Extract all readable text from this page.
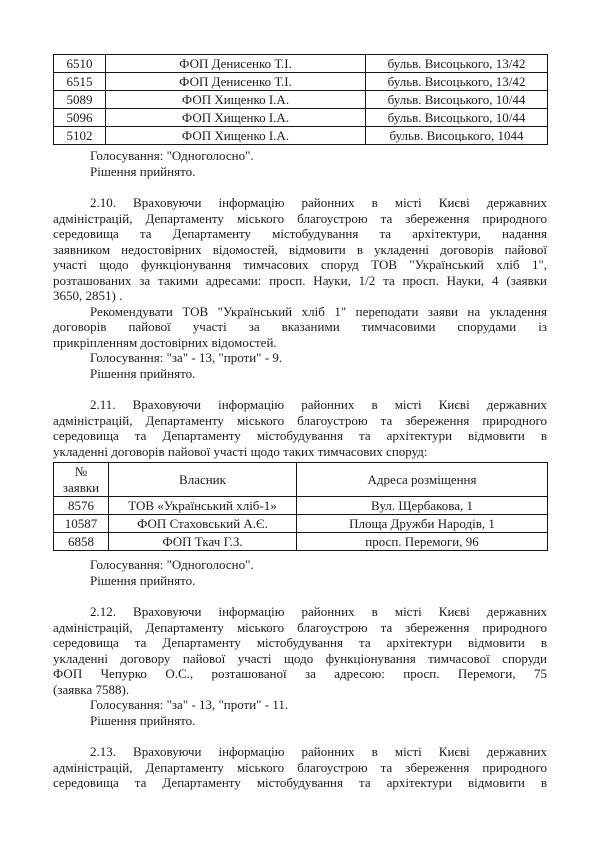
6510	ФОП Денисенко Т.І.	бульв. Висоцького, 13/42
6515	ФОП Денисенко Т.І.	бульв. Висоцького, 13/42
5089	ФОП Хищенко І.А.	бульв. Висоцького, 10/44
5096	ФОП Хищенко І.А.	бульв. Висоцького, 10/44
5102	ФОП Хищенко І.А.	бульв. Висоцького, 1044
Голосування: "Одноголосно".
Рішення прийнято.
2.10. Враховуючи інформацію районних в місті Києві державних
адміністрацій, Департаменту міського благоустрою та збереження природного
середовища та Департаменту містобудування та архітектури, надання
заявником недостовірних відомостей, відмовити в укладенні договорів пайової
участі щодо функціонування тимчасових споруд ТОВ "Український хліб 1",
розташованих за такими адресами: просп. Науки, 1/2 та просп. Науки, 4 (заявки
3650, 2851) .
Рекомендувати ТОВ "Український хліб 1" переподати заяви на укладення
договорів пайової участі за вказаними тимчасовими спорудами із
прикріпленням достовірних відомостей.
Голосування: "за" - 13, "проти" - 9.
Рішення прийнято.
2.11. Враховуючи інформацію районних в місті Києві державних
адміністрацій, Департаменту міського благоустрою та збереження природного
середовища та Департаменту містобудування та архітектури відмовити в
укладенні договорів пайової участі щодо таких тимчасових споруд:
№ заявки	Власник	Адреса розміщення
8576	ТОВ «Український хліб-1»	Вул. Щербакова, 1
10587	ФОП Стаховський А.Є.	Площа Дружби Народів, 1
6858	ФОП Ткач Г.З.	просп. Перемоги, 96
Голосування: "Одноголосно".
Рішення прийнято.
2.12. Враховуючи інформацію районних в місті Києві державних
адміністрацій, Департаменту міського благоустрою та збереження природного
середовища та Департаменту містобудування та архітектури відмовити в
укладенні договору пайової участі щодо функціонування тимчасової споруди
ФОП Чепурко О.С., розташованої за адресою: просп. Перемоги, 75
(заявка 7588).
Голосування: "за" - 13, "проти" - 11.
Рішення прийнято.
2.13. Враховуючи інформацію районних в місті Києві державних
адміністрацій, Департаменту міського благоустрою та збереження природного
середовища та Департаменту містобудування та архітектури відмовити в
